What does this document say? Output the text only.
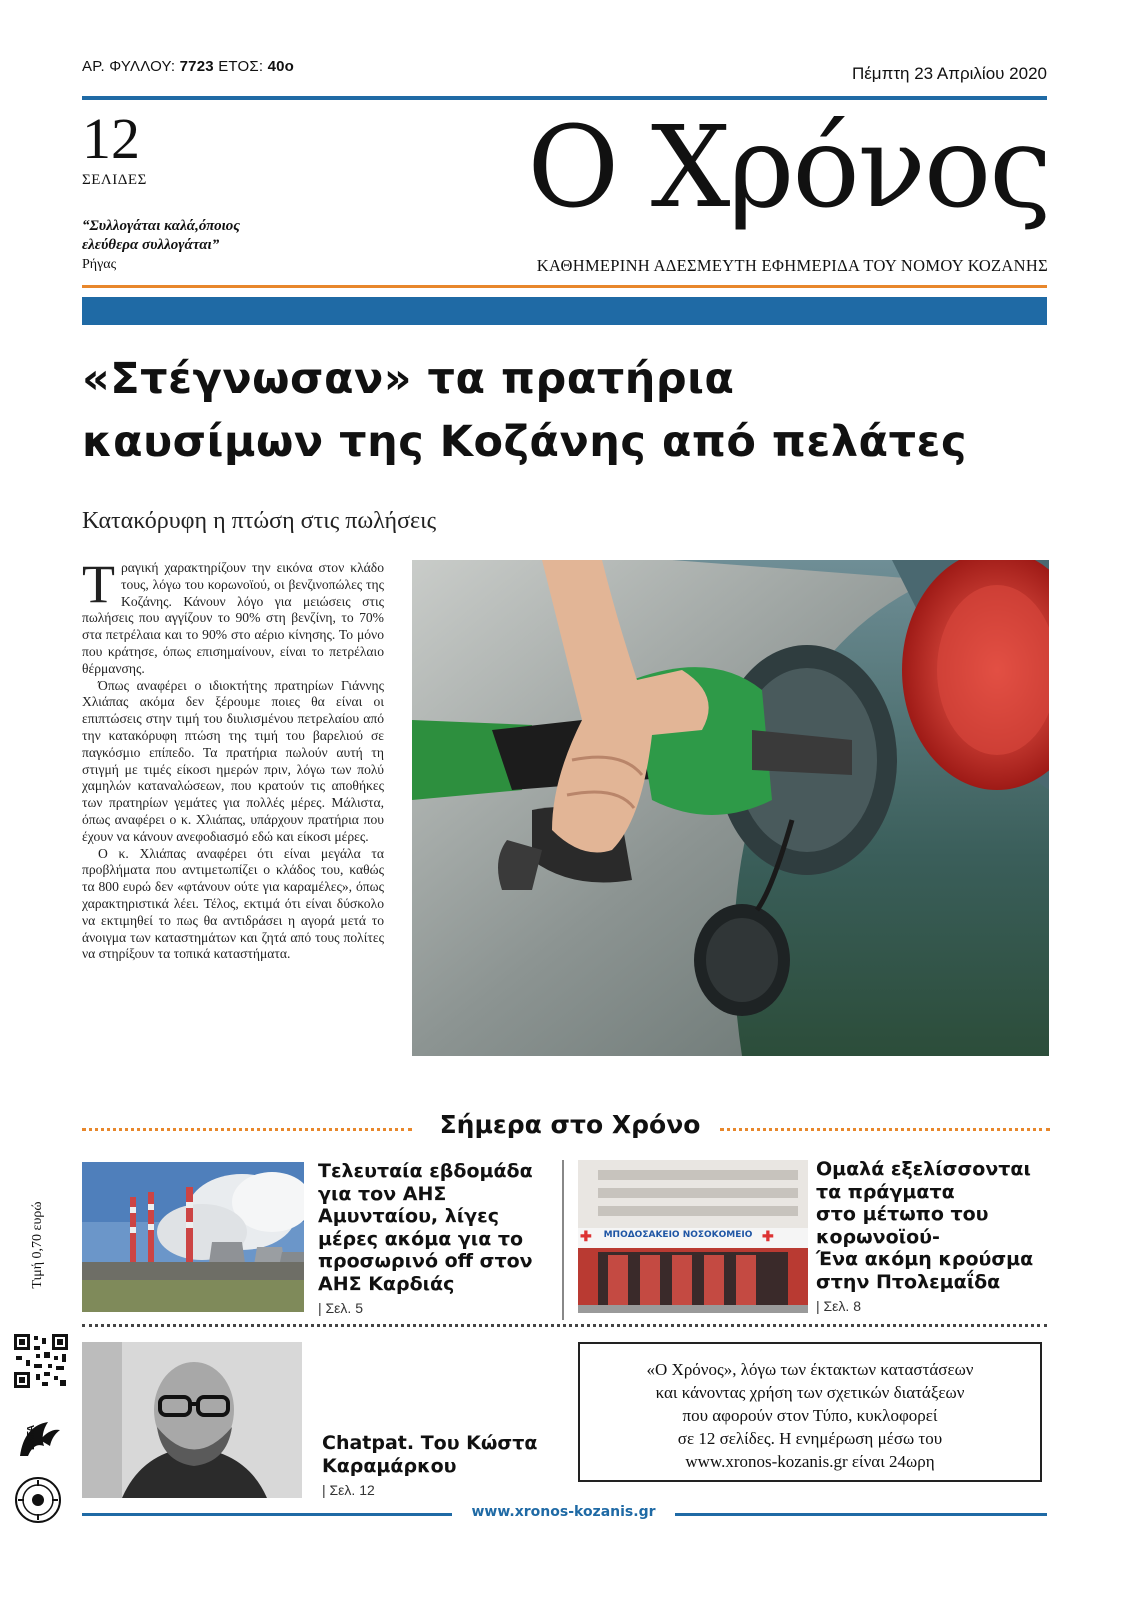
ΑΡ. ΦΥΛΛΟΥ: 7723 ΕΤΟΣ: 40ο	Πέμπτη 23 Απριλίου 2020
12
ΣΕΛΙΔΕΣ
“Συλλογάται καλά,όποιος
ελεύθερα συλλογάται”
Ρήγας
Ο Χρόνος
ΚΑΘΗΜΕΡΙΝΗ ΑΔΕΣΜΕΥΤΗ ΕΦΗΜΕΡΙΔΑ ΤΟΥ ΝΟΜΟΥ ΚΟΖΑΝΗΣ
«Στέγνωσαν» τα πρατήρια
καυσίμων της Κοζάνης από πελάτες
Κατακόρυφη η πτώση στις πωλήσεις

Τραγική χαρακτηρίζουν την εικόνα στον κλάδο τους, λόγω του κορωνοϊού, οι βενζινοπώλες της Κοζάνης. Κάνουν λόγο για μειώσεις στις πωλήσεις που αγγίζουν το 90% στη βενζίνη, το 70% στα πετρέλαια και το 90% στο αέριο κίνησης. Το μόνο που κράτησε, όπως επισημαίνουν, είναι το πετρέλαιο θέρμανσης.

Όπως αναφέρει ο ιδιοκτήτης πρατηρίων Γιάννης Χλιάπας ακόμα δεν ξέρουμε ποιες θα είναι οι επιπτώσεις στην τιμή του διυλισμένου πετρελαίου από την κατακόρυφη πτώση της τιμή του βαρελιού σε παγκόσμιο επίπεδο. Τα πρατήρια πωλούν αυτή τη στιγμή με τιμές είκοσι ημερών πριν, λόγω των πολύ χαμηλών καταναλώσεων, που κρατούν τις αποθήκες των πρατηρίων γεμάτες για πολλές μέρες. Μάλιστα, όπως αναφέρει ο κ. Χλιάπας, υπάρχουν πρατήρια που έχουν να κάνουν ανεφοδιασμό εδώ και είκοσι μέρες.

Ο κ. Χλιάπας αναφέρει ότι είναι μεγάλα τα προβλήματα που αντιμετωπίζει ο κλάδος του, καθώς τα 800 ευρώ δεν «φτάνουν ούτε για καραμέλες», όπως χαρακτηριστικά λέει. Τέλος, εκτιμά ότι είναι δύσκολο να εκτιμηθεί το πως θα αντιδράσει η αγορά μετά το άνοιγμα των καταστημάτων και ζητά από τους πολίτες να στηρίξουν τα τοπικά καταστήματα.

Σήμερα στο Χρόνο
Τελευταία εβδομάδα
για τον ΑΗΣ
Αμυνταίου, λίγες
μέρες ακόμα για το
προσωρινό off στον
ΑΗΣ Καρδιάς
| Σελ. 5
ΜΠΟΔΟΣΑΚΕΙΟ ΝΟΣΟΚΟΜΕΙΟ
✚	✚
Ομαλά εξελίσσονται
τα πράγματα
στο μέτωπο του
κορωνοϊού-
Ένα ακόμη κρούσμα
στην Πτολεμαΐδα
| Σελ. 8
Chatpat. Του Κώστα
Καραμάρκου
| Σελ. 12
«Ο Χρόνος», λόγω των έκτακτων καταστάσεων
και κάνοντας χρήση των σχετικών διατάξεων
που αφορούν στον Τύπο, κυκλοφορεί
σε 12 σελίδες. Η ενημέρωση μέσω του
www.xronos-kozanis.gr είναι 24ωρη
Τιμή 0,70 ευρώ
ΕΛΤΑ
www.xronos-kozanis.gr
